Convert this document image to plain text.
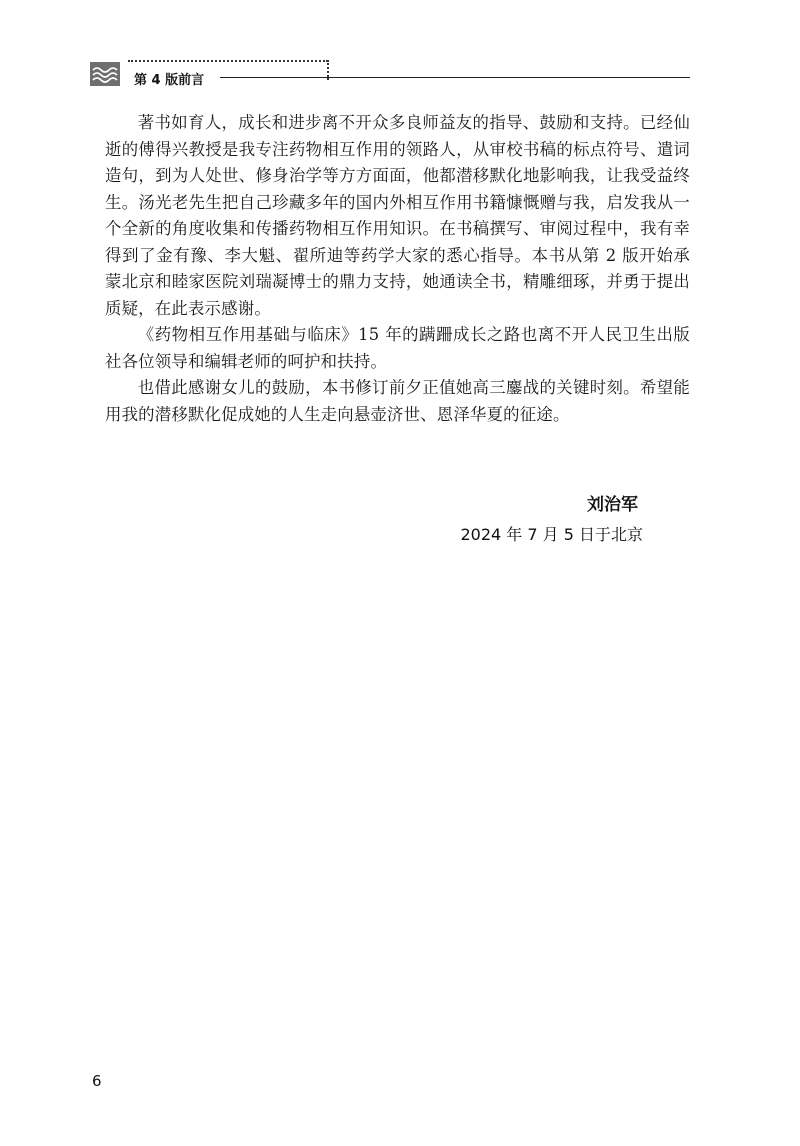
第 4 版前言

著书如育人，成长和进步离不开众多良师益友的指导、鼓励和支持。已经仙逝的傅得兴教授是我专注药物相互作用的领路人，从审校书稿的标点符号、遣词造句，到为人处世、修身治学等方方面面，他都潜移默化地影响我，让我受益终生。汤光老先生把自己珍藏多年的国内外相互作用书籍慷慨赠与我，启发我从一个全新的角度收集和传播药物相互作用知识。在书稿撰写、审阅过程中，我有幸得到了金有豫、李大魁、翟所迪等药学大家的悉心指导。本书从第 2 版开始承蒙北京和睦家医院刘瑞凝博士的鼎力支持，她通读全书，精雕细琢，并勇于提出质疑，在此表示感谢。

《药物相互作用基础与临床》15 年的蹒跚成长之路也离不开人民卫生出版社各位领导和编辑老师的呵护和扶持。

也借此感谢女儿的鼓励，本书修订前夕正值她高三鏖战的关键时刻。希望能用我的潜移默化促成她的人生走向悬壶济世、恩泽华夏的征途。

刘治军
2024 年 7 月 5 日于北京
6
